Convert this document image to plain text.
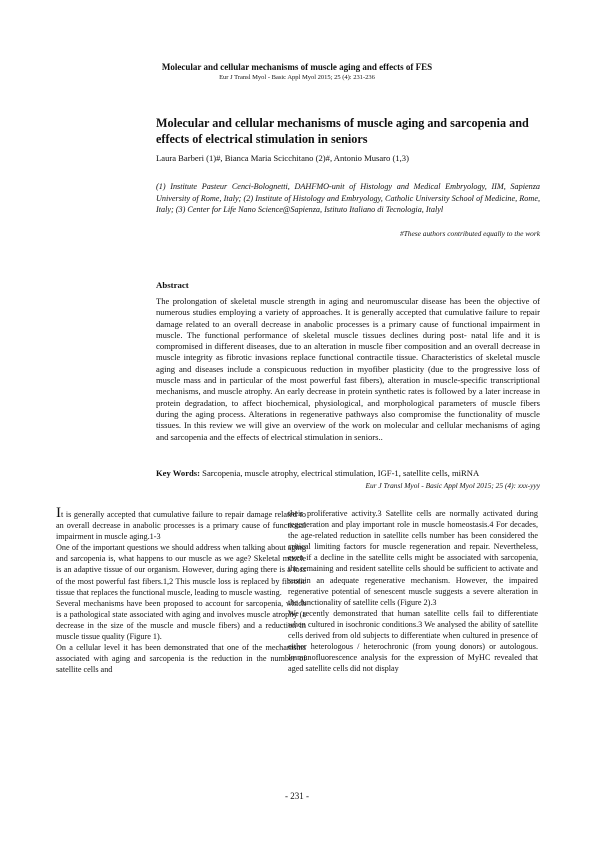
Molecular and cellular mechanisms of muscle aging and effects of FES
Eur J Transl Myol - Basic Appl Myol 2015; 25 (4): 231-236
Molecular and cellular mechanisms of muscle aging and sarcopenia and effects of electrical stimulation in seniors
Laura Barberi (1)#, Bianca Maria Scicchitano (2)#, Antonio Musaro (1,3)
(1) Institute Pasteur Cenci-Bolognetti, DAHFMO-unit of Histology and Medical Embryology, IIM, Sapienza University of Rome, Italy; (2) Institute of Histology and Embryology, Catholic University School of Medicine, Rome, Italy; (3) Center for Life Nano Science@Sapienza, Istituto Italiano di Tecnologia, Italyl
#These authors contributed equally to the work
Abstract
The prolongation of skeletal muscle strength in aging and neuromuscular disease has been the objective of numerous studies employing a variety of approaches. It is generally accepted that cumulative failure to repair damage related to an overall decrease in anabolic processes is a primary cause of functional impairment in muscle. The functional performance of skeletal muscle tissues declines during post- natal life and it is compromised in different diseases, due to an alteration in muscle fiber composition and an overall decrease in muscle integrity as fibrotic invasions replace functional contractile tissue. Characteristics of skeletal muscle aging and diseases include a conspicuous reduction in myofiber plasticity (due to the progressive loss of muscle mass and in particular of the most powerful fast fibers), alteration in muscle-specific transcriptional mechanisms, and muscle atrophy. An early decrease in protein synthetic rates is followed by a later increase in protein degradation, to affect biochemical, physiological, and morphological parameters of muscle fibers during the aging process. Alterations in regenerative pathways also compromise the functionality of muscle tissues. In this review we will give an overview of the work on molecular and cellular mechanisms of aging and sarcopenia and the effects of electrical stimulation in seniors..
Key Words: Sarcopenia, muscle atrophy, electrical stimulation, IGF-1, satellite cells, miRNA
Eur J Transl Myol - Basic Appl Myol 2015; 25 (4): xxx-yyy

It is generally accepted that cumulative failure to repair damage related to an overall decrease in anabolic processes is a primary cause of functional impairment in muscle aging.1-3

One of the important questions we should address when talking about aging and sarcopenia is, what happens to our muscle as we age? Skeletal muscle is an adaptive tissue of our organism. However, during aging there is a loss of the most powerful fast fibers.1,2 This muscle loss is replaced by fibrotic tissue that replaces the functional muscle, leading to muscle wasting.

Several mechanisms have been proposed to account for sarcopenia, which is a pathological state associated with aging and involves muscle atrophy (a decrease in the size of the muscle and muscle fibers) and a reduction in muscle tissue quality (Figure 1).

On a cellular level it has been demonstrated that one of the mechanisms associated with aging and sarcopenia is the reduction in the number of satellite cells and

their proliferative activity.3 Satellite cells are normally activated during regeneration and play important role in muscle homeostasis.4 For decades, the age-related reduction in satellite cells number has been considered the critical limiting factors for muscle regeneration and repair. Nevertheless, even if a decline in the satellite cells might be associated with sarcopenia, the remaining and resident satellite cells should be sufficient to activate and sustain an adequate regenerative mechanism. However, the impaired regenerative potential of senescent muscle suggests a severe alteration in the functionality of satellite cells (Figure 2).3

We recently demonstrated that human satellite cells fail to differentiate when cultured in isochronic conditions.3 We analysed the ability of satellite cells derived from old subjects to differentiate when cultured in presence of either heterologous / heterochronic (from young donors) or autologous. Immunofluorescence analysis for the expression of MyHC revealed that aged satellite cells did not display

- 231 -
